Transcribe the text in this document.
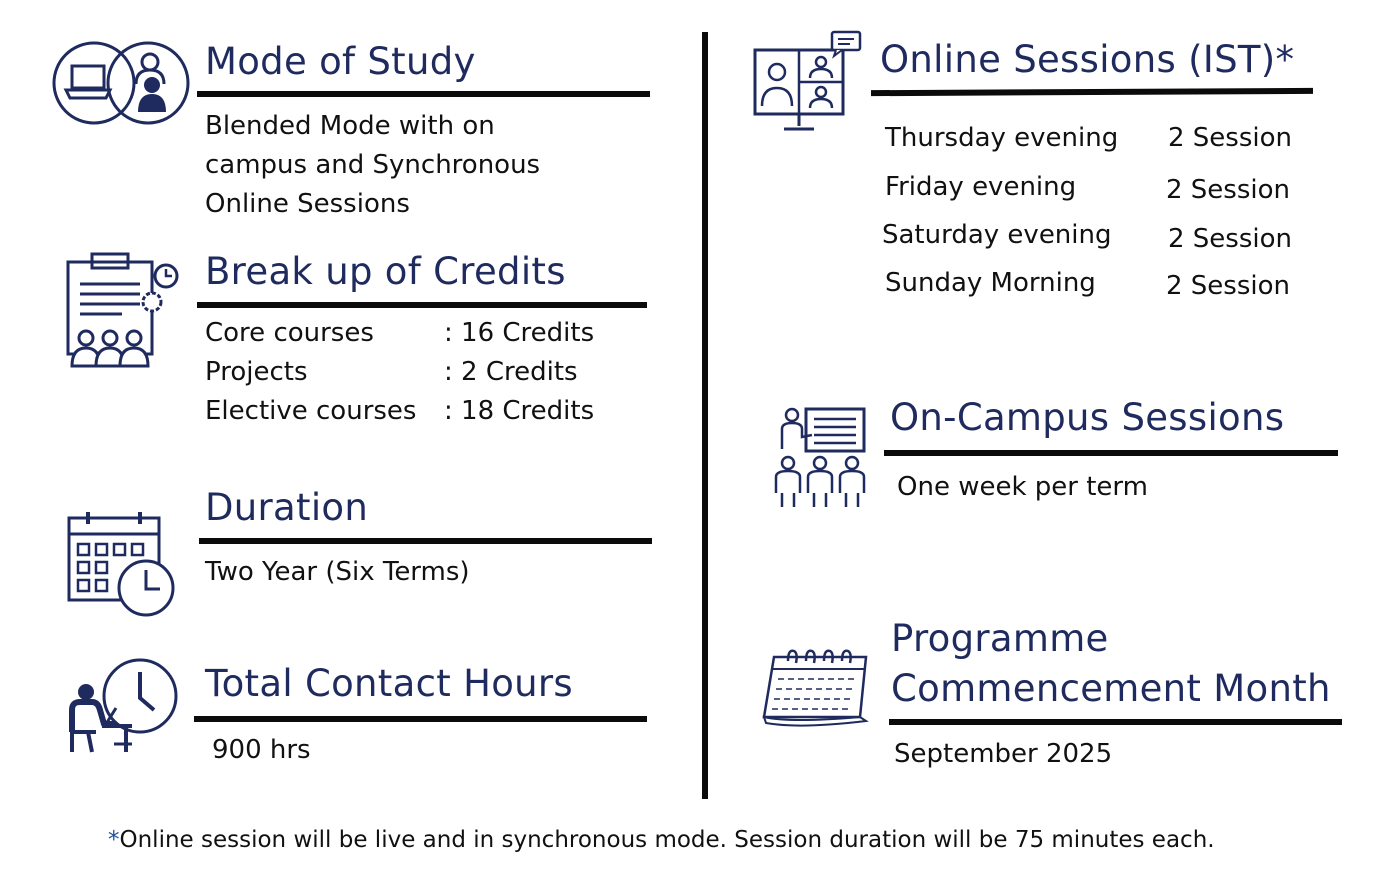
Mode of Study
Blended Mode with on
campus and Synchronous
Online Sessions
Break up of Credits
Core courses	: 16 Credits
Projects	: 2 Credits
Elective courses : 18 Credits
Duration
Two Year (Six Terms)
Total Contact Hours
900 hrs
Online Sessions (IST)*
Thursday evening 2 Session
Friday evening	2 Session
Saturday evening 2 Session
Sunday Morning	2 Session
On-Campus Sessions
One week per term
Programme
Commencement Month
September 2025
*Online session will be live and in synchronous mode. Session duration will be 75 minutes each.
